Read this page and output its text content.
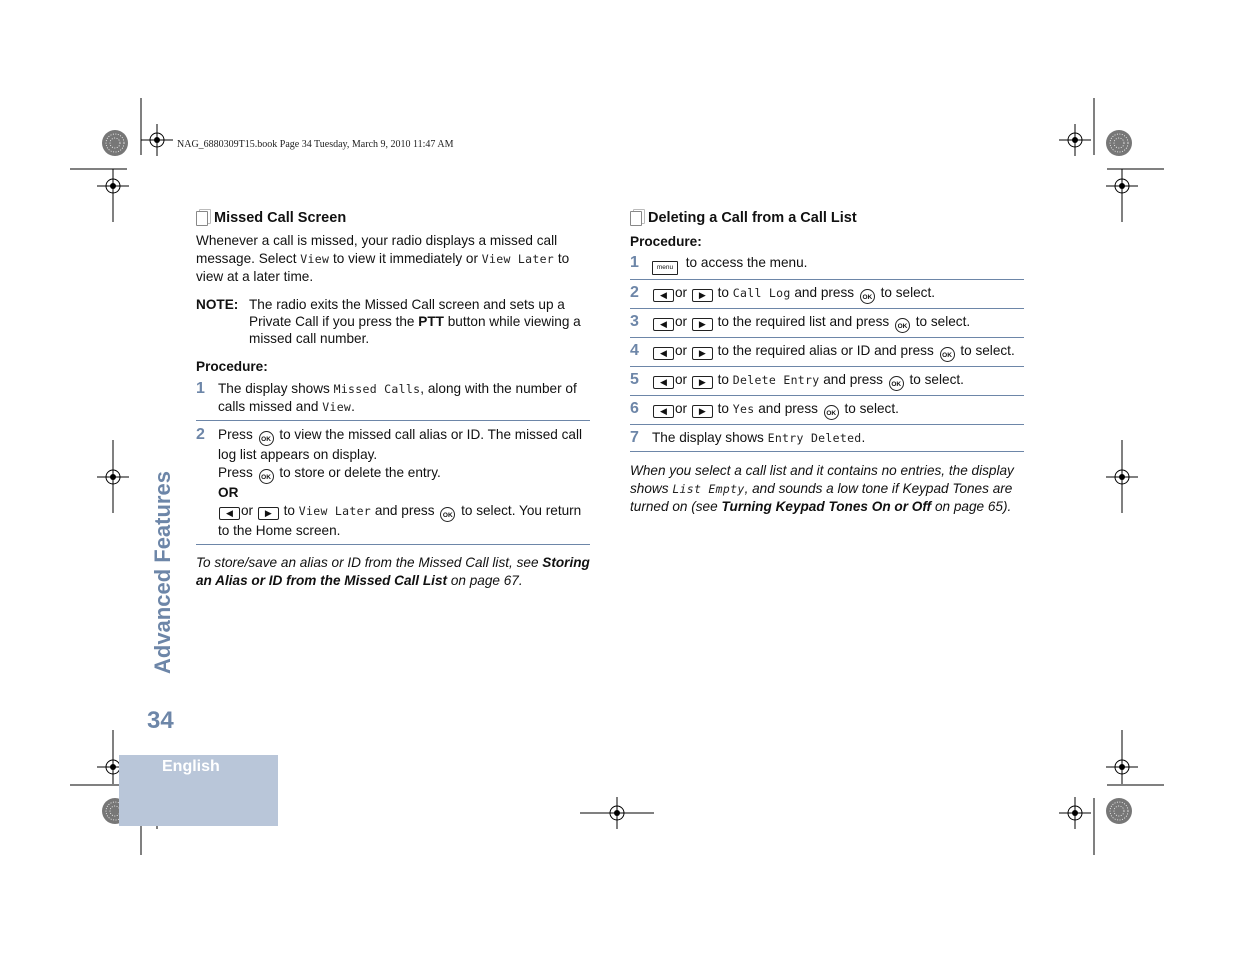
NAG_6880309T15.book Page 34 Tuesday, March 9, 2010 11:47 AM
Advanced Features
34
English
Missed Call Screen
Whenever a call is missed, your radio displays a missed call message. Select View to view it immediately or View Later to view at a later time.
NOTE: The radio exits the Missed Call screen and sets up a Private Call if you press the PTT button while viewing a missed call number.
Procedure:
1 The display shows Missed Calls, along with the number of calls missed and View.
2 Press OK to view the missed call alias or ID. The missed call log list appears on display.
Press OK to store or delete the entry.
OR
◀ or ▶ to View Later and press OK to select. You return to the Home screen.
To store/save an alias or ID from the Missed Call list, see Storing an Alias or ID from the Missed Call List on page 67.
Deleting a Call from a Call List
Procedure:
1	menu to access the menu.
2	◀ or ▶ to Call Log and press OK to select.
3	◀ or ▶ to the required list and press OK to select.
4	◀ or ▶ to the required alias or ID and press OK to select.
5	◀ or ▶ to Delete Entry and press OK to select.
6	◀ or ▶ to Yes and press OK to select.
7 The display shows Entry Deleted.
When you select a call list and it contains no entries, the display shows List Empty, and sounds a low tone if Keypad Tones are turned on (see Turning Keypad Tones On or Off on page 65).
